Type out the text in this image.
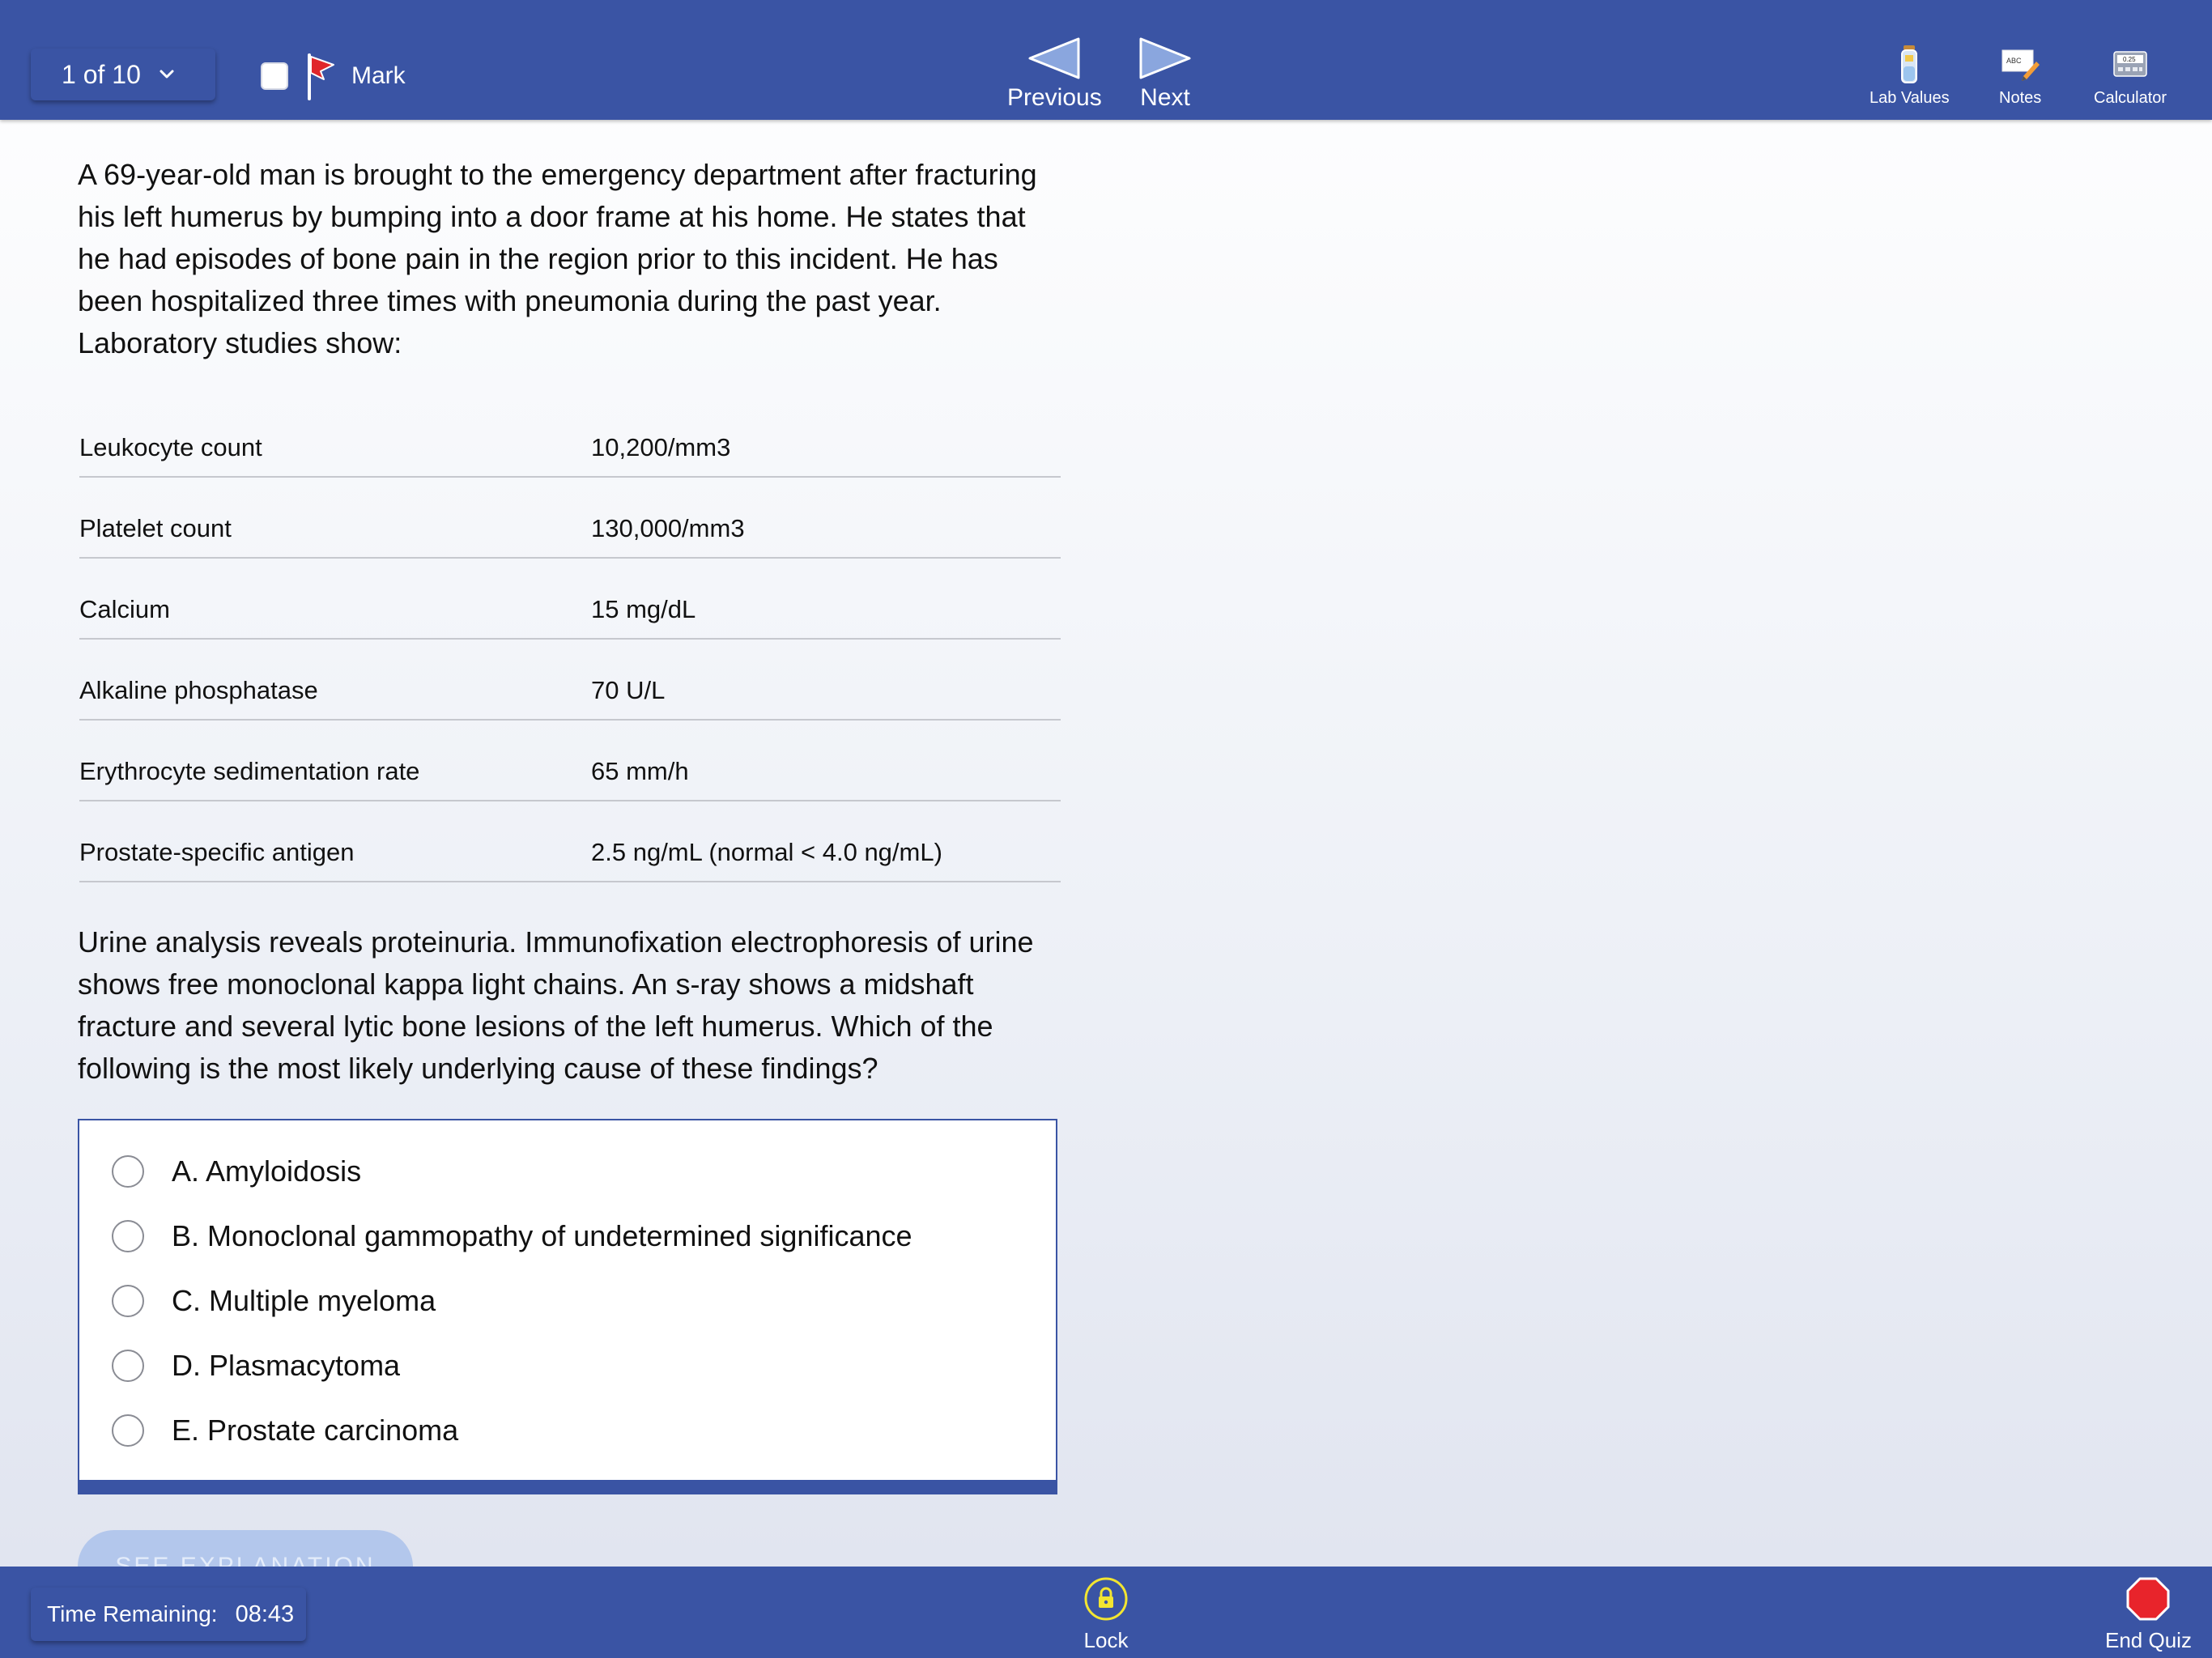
1 of 10	Mark
Previous Next	Lab Values
ABC
Notes
0.25
Calculator

A 69-year-old man is brought to the emergency department after fracturing his left humerus by bumping into a door frame at his home. He states that he had episodes of bone pain in the region prior to this incident. He has been hospitalized three times with pneumonia during the past year. Laboratory studies show:

Leukocyte count	10,200/mm3
Platelet count	130,000/mm3
Calcium	15 mg/dL
Alkaline phosphatase	70 U/L
Erythrocyte sedimentation rate	65 mm/h
Prostate-specific antigen	2.5 ng/mL (normal < 4.0 ng/mL)

Urine analysis reveals proteinuria. Immunofixation electrophoresis of urine shows free monoclonal kappa light chains. An s-ray shows a midshaft fracture and several lytic bone lesions of the left humerus. Which of the following is the most likely underlying cause of these findings?

A. Amyloidosis
B. Monoclonal gammopathy of undetermined significance
C. Multiple myeloma
D. Plasmacytoma
E. Prostate carcinoma
Time Remaining: 08:43
Lock	End Quiz
